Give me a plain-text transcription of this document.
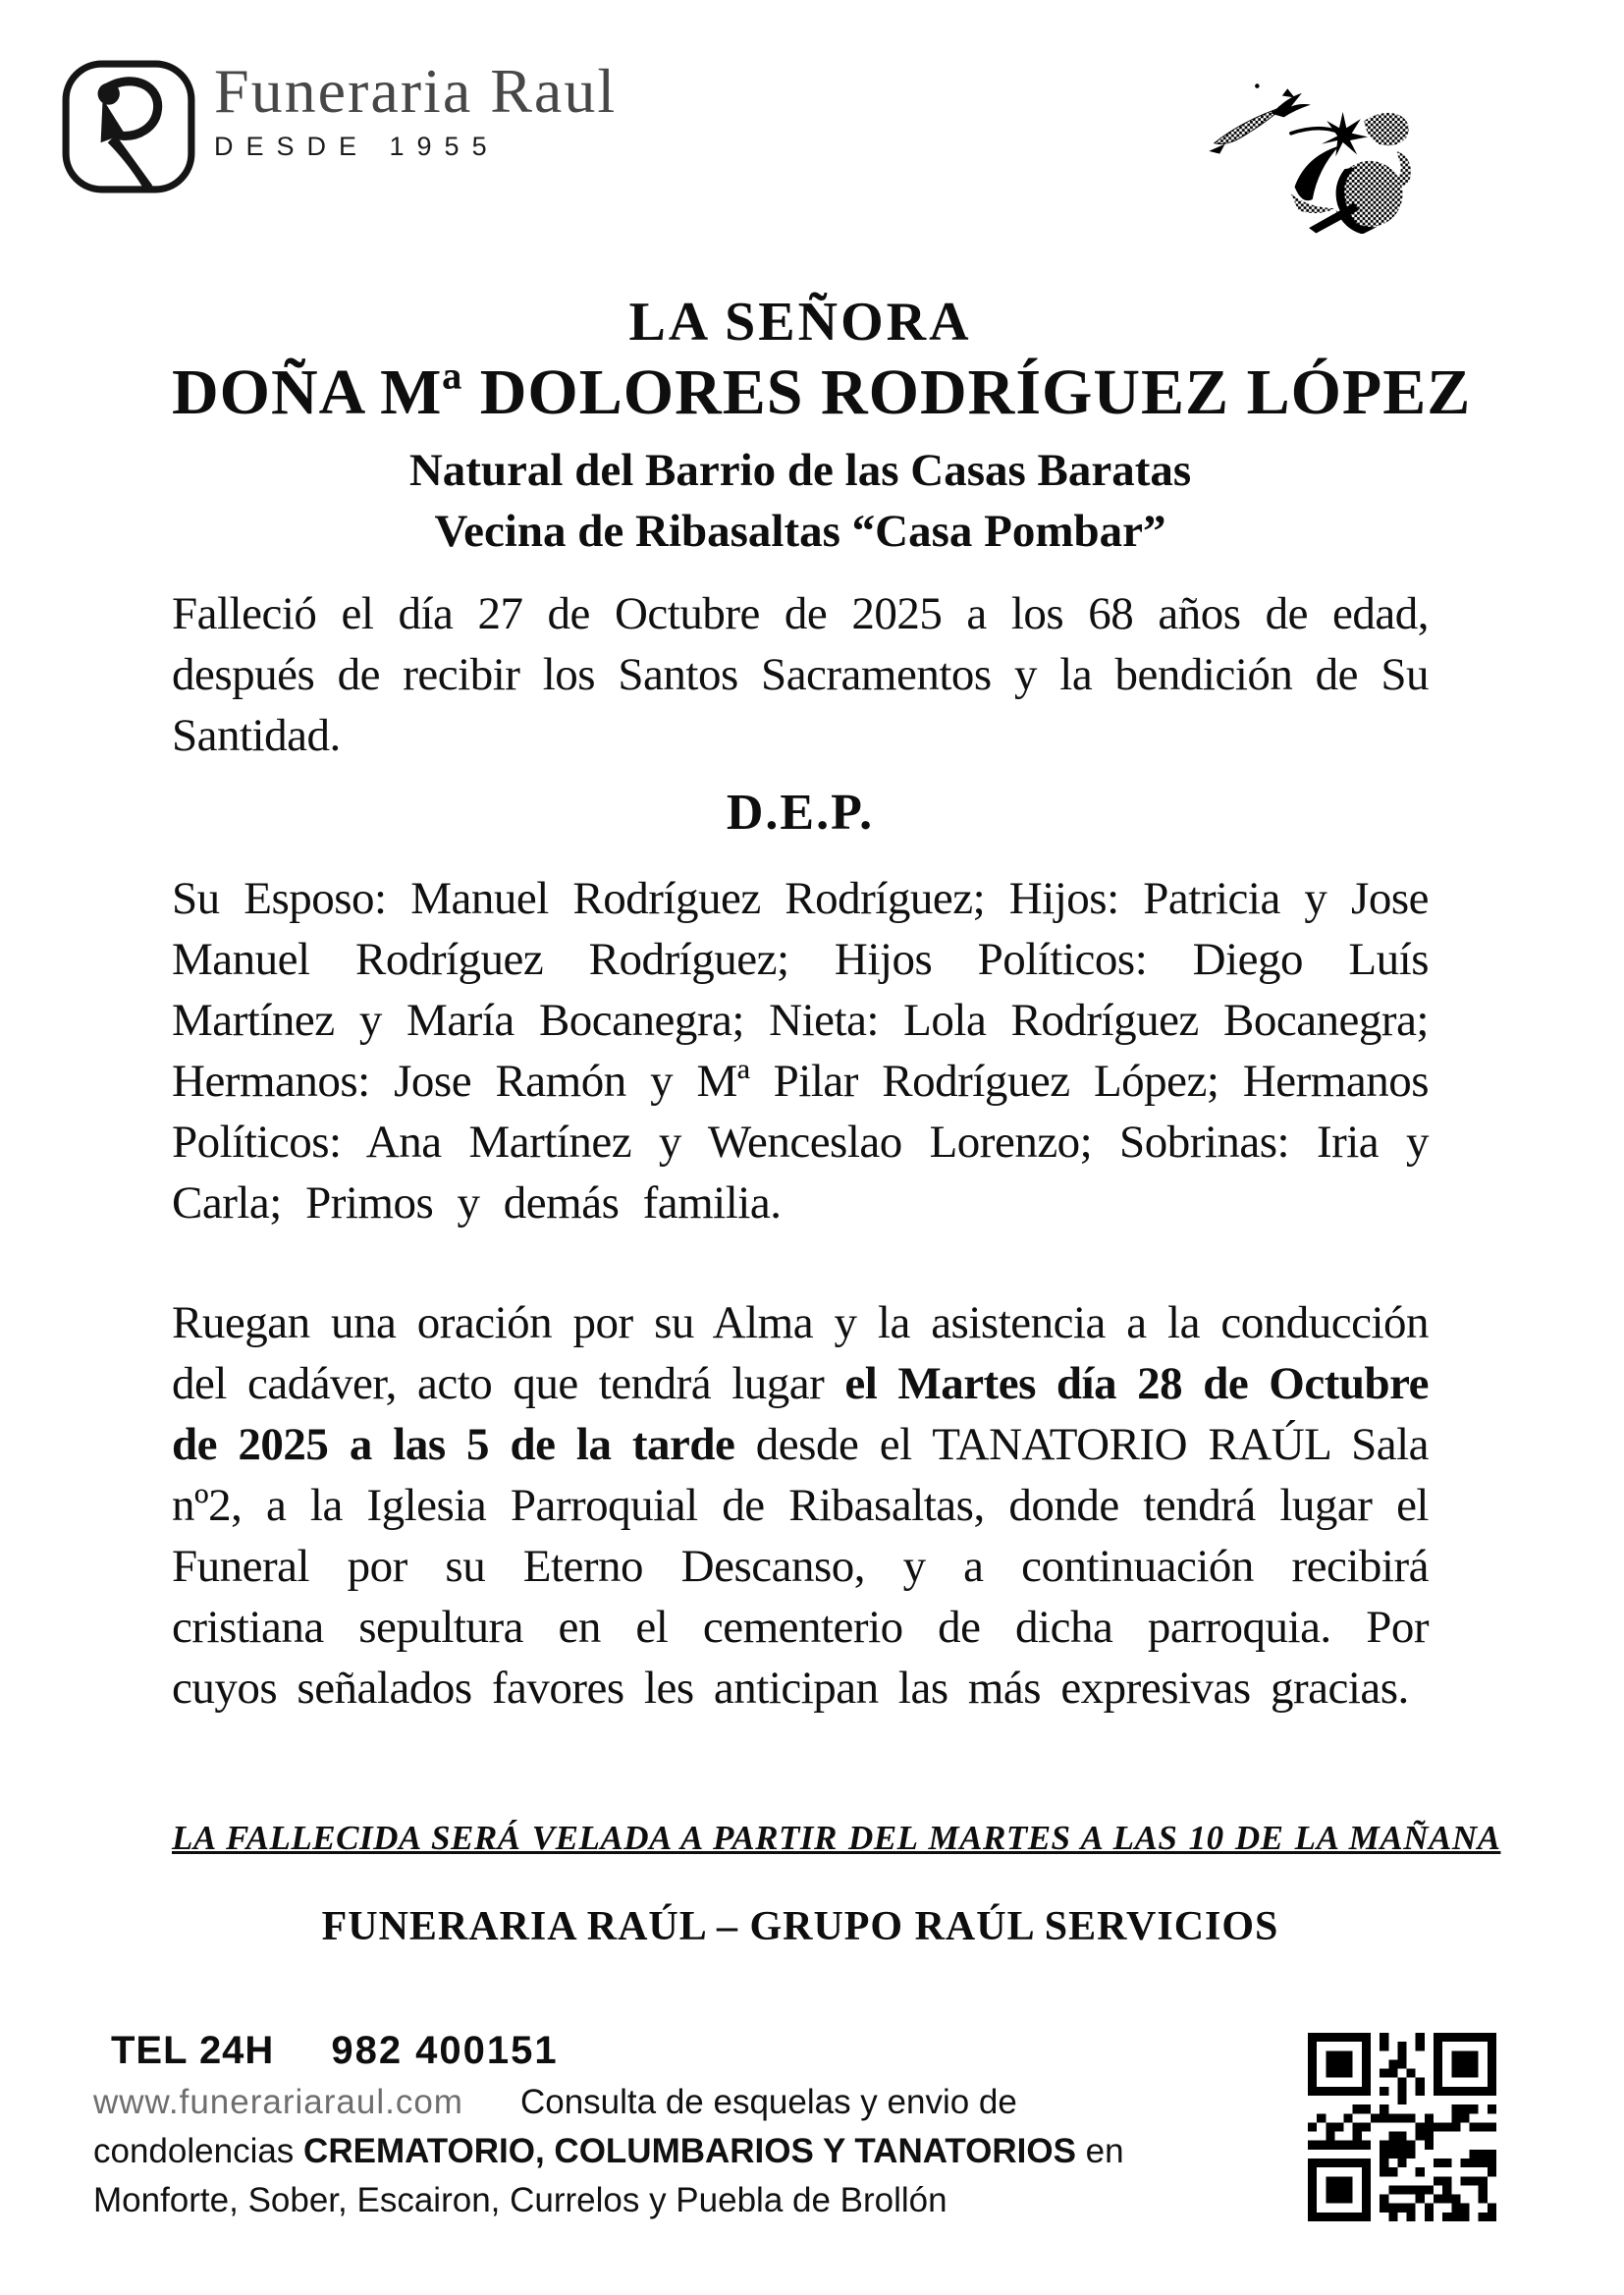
Funeraria Raul
DESDE 1955
LA SEÑORA
DOÑA Mª DOLORES RODRÍGUEZ LÓPEZ
Natural del Barrio de las Casas Baratas
Vecina de Ribasaltas “Casa Pombar”
Falleció el día 27 de Octubre de 2025 a los 68 años de edad, después de recibir los Santos Sacramentos y la bendición de Su Santidad.
D.E.P.
Su Esposo: Manuel Rodríguez Rodríguez; Hijos: Patricia y Jose Manuel Rodríguez Rodríguez; Hijos Políticos: Diego Luís Martínez y María Bocanegra; Nieta: Lola Rodríguez Bocanegra; Hermanos: Jose Ramón y Mª Pilar Rodríguez López; Hermanos Políticos: Ana Martínez y Wenceslao Lorenzo; Sobrinas: Iria y Carla; Primos y demás familia.
Ruegan una oración por su Alma y la asistencia a la conducción del cadáver, acto que tendrá lugar el Martes día 28 de Octubre de 2025 a las 5 de la tarde desde el TANATORIO RAÚL Sala nº2, a la Iglesia Parroquial de Ribasaltas, donde tendrá lugar el Funeral por su Eterno Descanso, y a continuación recibirá cristiana sepultura en el cementerio de dicha parroquia. Por cuyos señalados favores les anticipan las más expresivas gracias.
LA FALLECIDA SERÁ VELADA A PARTIR DEL MARTES A LAS 10 DE LA MAÑANA
FUNERARIA RAÚL – GRUPO RAÚL SERVICIOS
TEL 24H 982 400151
www.funerariaraul.com Consulta de esquelas y envio de
condolencias CREMATORIO, COLUMBARIOS Y TANATORIOS en
Monforte, Sober, Escairon, Currelos y Puebla de Brollón
